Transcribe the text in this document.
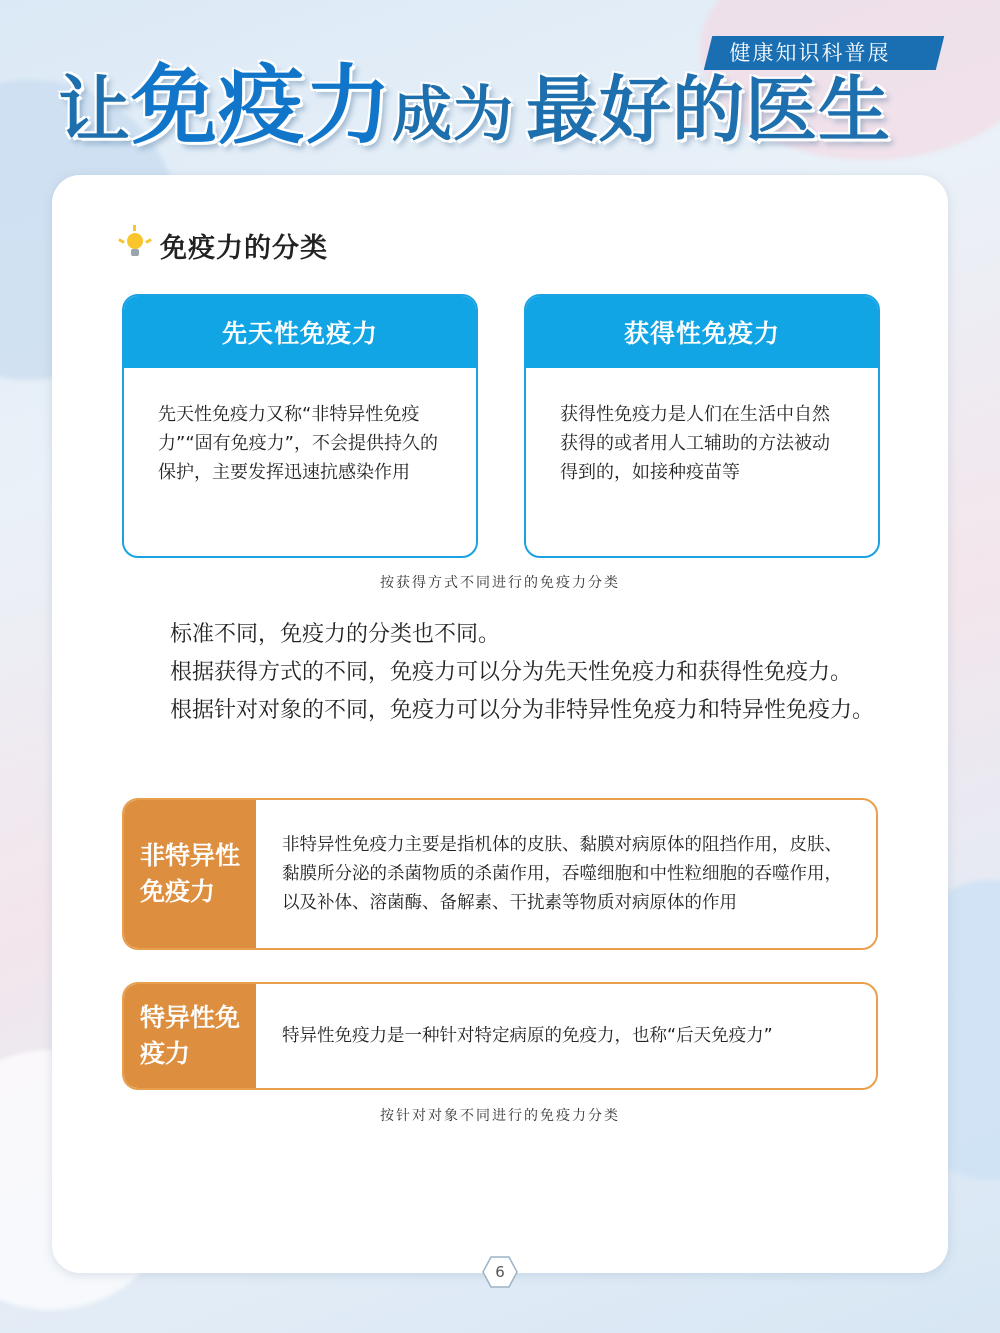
健康知识科普展
让免疫力成为 最好的医生
免疫力的分类
先天性免疫力
先天性免疫力又称“非特异性免疫力”“固有免疫力”，不会提供持久的保护，主要发挥迅速抗感染作用
获得性免疫力
获得性免疫力是人们在生活中自然获得的或者用人工辅助的方法被动得到的，如接种疫苗等
按获得方式不同进行的免疫力分类

标准不同，免疫力的分类也不同。

根据获得方式的不同，免疫力可以分为先天性免疫力和获得性免疫力。

根据针对对象的不同，免疫力可以分为非特异性免疫力和特异性免疫力。

非特异性免疫力
非特异性免疫力主要是指机体的皮肤、黏膜对病原体的阻挡作用，皮肤、黏膜所分泌的杀菌物质的杀菌作用，吞噬细胞和中性粒细胞的吞噬作用，以及补体、溶菌酶、备解素、干扰素等物质对病原体的作用
特异性免疫力
特异性免疫力是一种针对特定病原的免疫力，也称“后天免疫力”
按针对对象不同进行的免疫力分类
6
